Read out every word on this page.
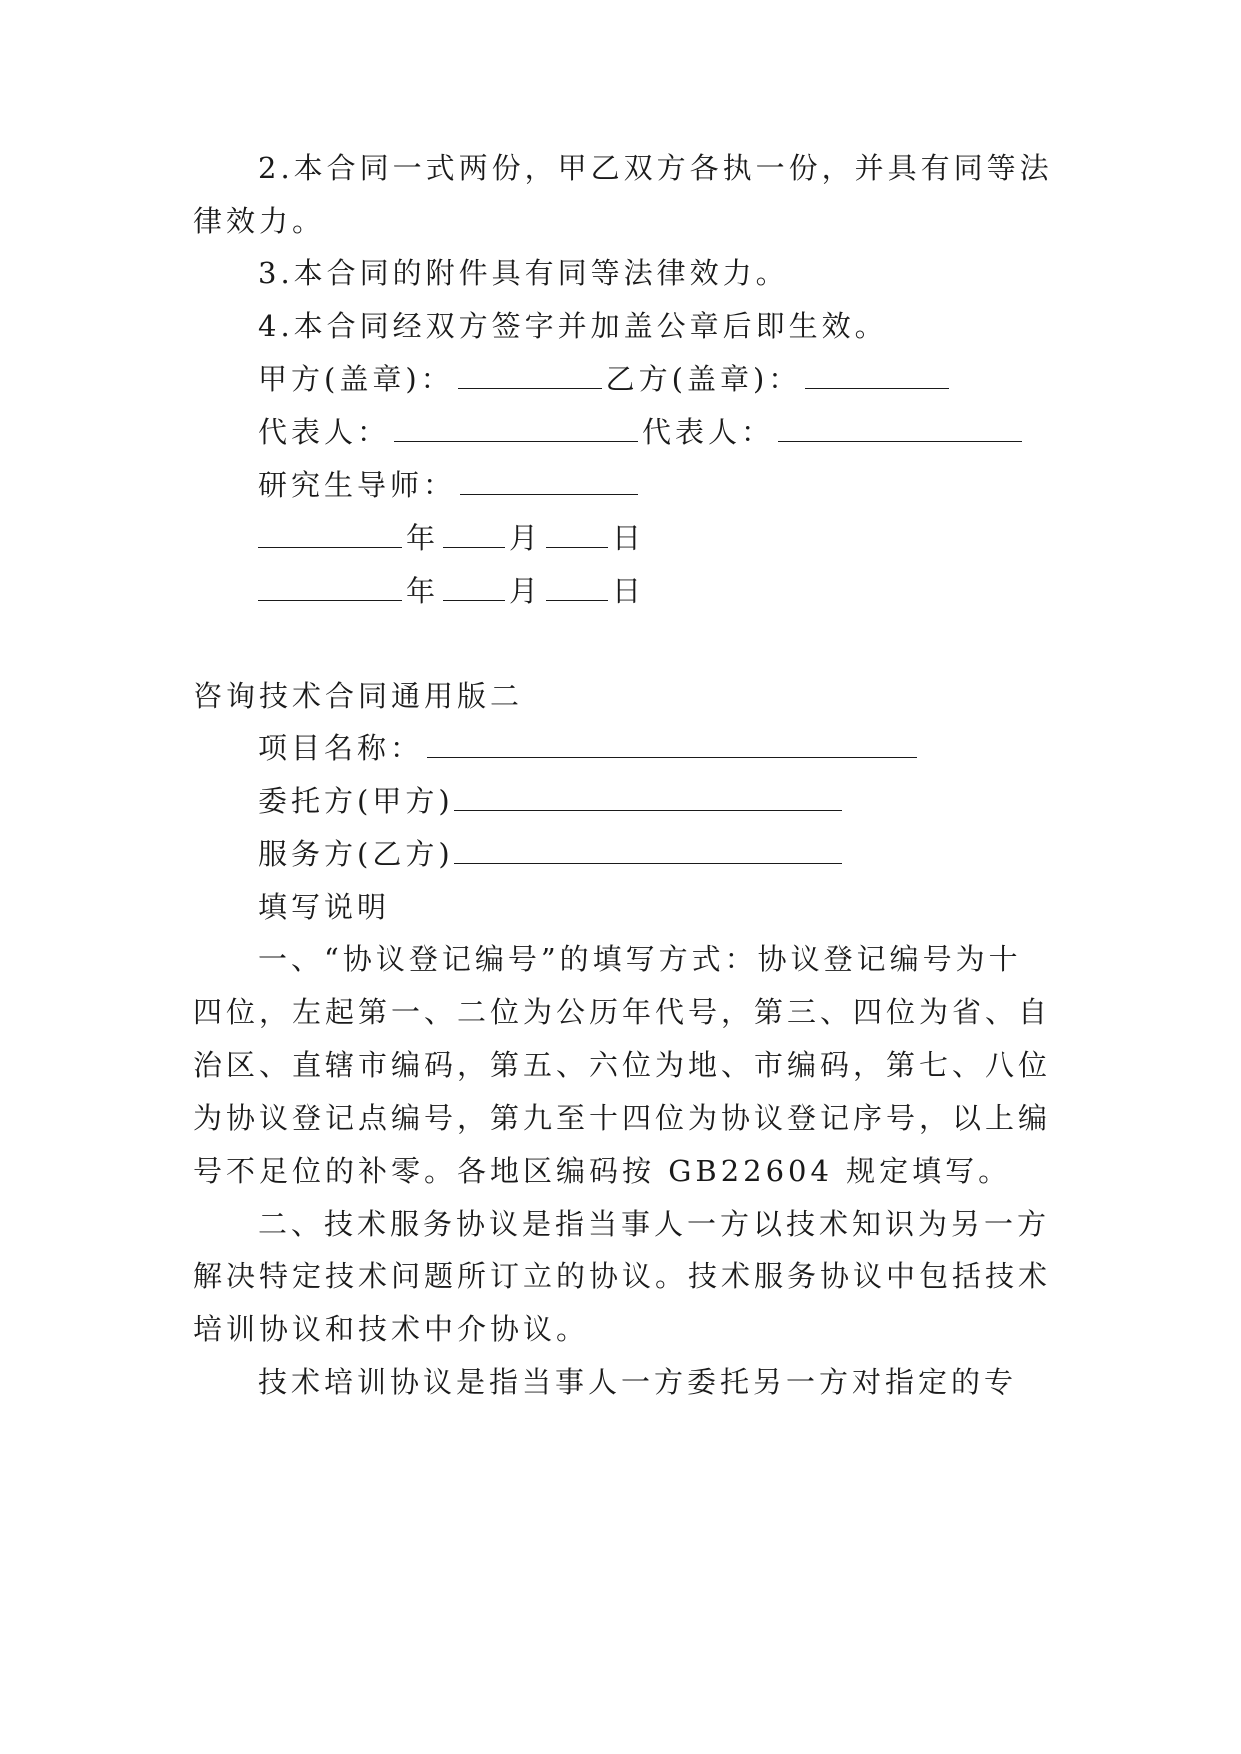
2.本合同一式两份，甲乙双方各执一份，并具有同等法
律效力。
3.本合同的附件具有同等法律效力。
4.本合同经双方签字并加盖公章后即生效。
甲方(盖章)：	乙方(盖章)：
代表人：	代表人：
研究生导师：
年 月 日
年 月 日
咨询技术合同通用版二
项目名称：
委托方(甲方)
服务方(乙方)
填写说明
一、“协议登记编号”的填写方式：协议登记编号为十
四位，左起第一、二位为公历年代号，第三、四位为省、自
治区、直辖市编码，第五、六位为地、市编码，第七、八位
为协议登记点编号，第九至十四位为协议登记序号，以上编
号不足位的补零。各地区编码按 GB22604 规定填写。
二、技术服务协议是指当事人一方以技术知识为另一方
解决特定技术问题所订立的协议。技术服务协议中包括技术
培训协议和技术中介协议。
技术培训协议是指当事人一方委托另一方对指定的专
